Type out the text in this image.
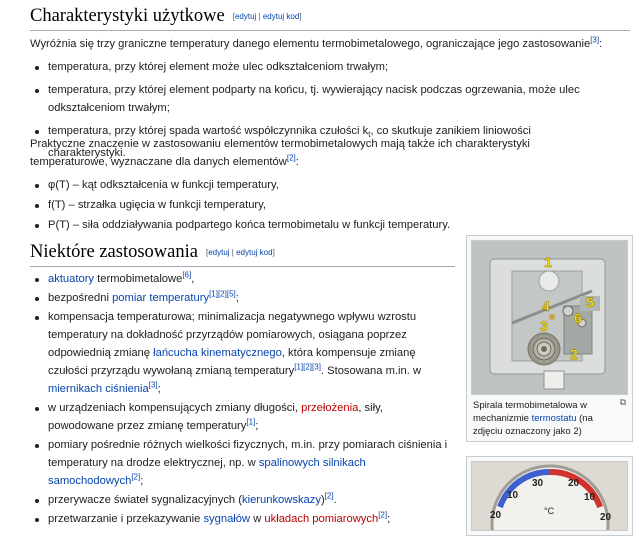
Charakterystyki użytkowe [edytuj | edytuj kod]
Wyróżnia się trzy graniczne temperatury danego elementu termobimetalowego, ograniczające jego zastosowanie[3]:
temperatura, przy której element może ulec odkształceniom trwałym;
temperatura, przy której element podparty na końcu, tj. wywierający nacisk podczas ogrzewania, może ulec odkształceniom trwałym;
temperatura, przy której spada wartość współczynnika czułości $k_t$, co skutkuje zanikiem liniowości charakterystyki.
Praktyczne znaczenie w zastosowaniu elementów termobimetalowych mają także ich charakterystyki temperaturowe, wyznaczane dla danych elementów[2]:
φ(T) – kąt odkształcenia w funkcji temperatury,
f(T) – strzałka ugięcia w funkcji temperatury,
P(T) – siła oddziaływania podpartego końca termobimetalu w funkcji temperatury.
Niektóre zastosowania [edytuj | edytuj kod]
aktuatory termobimetalowe[6],
bezpośredni pomiar temperatury[1][2][5];
kompensacja temperaturowa; minimalizacja negatywnego wpływu wzrostu temperatury na dokładność przyrządów pomiarowych, osiągana poprzez odpowiednią zmianę łańcucha kinematycznego, która kompensuje zmianę czułości przyrządu wywołaną zmianą temperatury[1][2][3]. Stosowana m.in. w miernikach ciśnienia[3];
w urządzeniach kompensujących zmiany długości, przełożenia, siły, powodowane przez zmianę temperatury[1];
pomiary pośrednie różnych wielkości fizycznych, m.in. przy pomiarach ciśnienia i temperatury na drodze elektrycznej, np. w spalinowych silnikach samochodowych[2];
przerywacze świateł sygnalizacyjnych (kierunkowskazy)[2].
przetwarzanie i przekazywanie sygnałów w układach pomiarowych[2];
1
2
3
4	5
6
⧉
Spirala termobimetalowa w mechanizmie termostatu (na zdjęciu oznaczony jako 2)
10
20
30 20
10
20
°C
